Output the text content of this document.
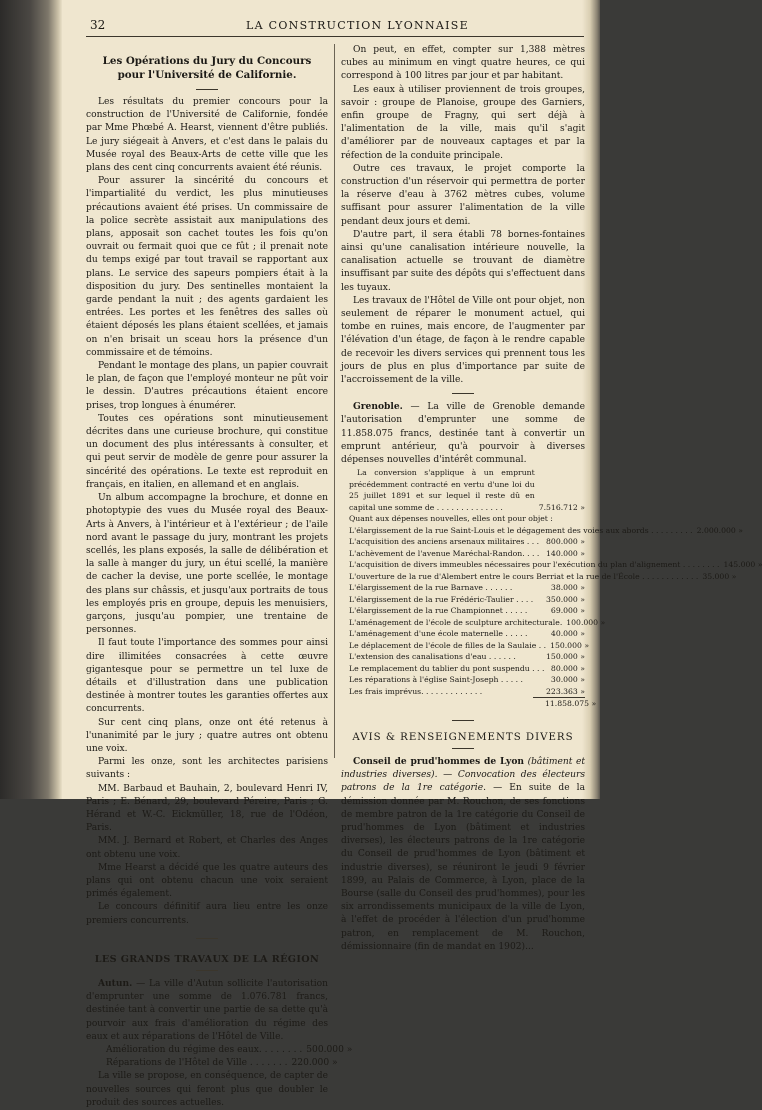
32	LA CONSTRUCTION LYONNAISE
Les Opérations du Jury du Concours
pour l'Université de Californie.

Les résultats du premier concours pour la construction de l'Université de Californie, fondée par Mme Phœbé A. Hearst, viennent d'être publiés. Le jury siégeait à Anvers, et c'est dans le palais du Musée royal des Beaux-Arts de cette ville que les plans des cent cinq concurrents avaient été réunis.

Pour assurer la sincérité du concours et l'impartialité du verdict, les plus minutieuses précautions avaient été prises. Un commissaire de la police secrète assistait aux manipulations des plans, apposait son cachet toutes les fois qu'on ouvrait ou fermait quoi que ce fût ; il prenait note du temps exigé par tout travail se rapportant aux plans. Le service des sapeurs pompiers était à la disposition du jury. Des sentinelles montaient la garde pendant la nuit ; des agents gardaient les entrées. Les portes et les fenêtres des salles où étaient déposés les plans étaient scellées, et jamais on n'en brisait un sceau hors la présence d'un commissaire et de témoins.

Pendant le montage des plans, un papier couvrait le plan, de façon que l'employé monteur ne pût voir le dessin. D'autres précautions étaient encore prises, trop longues à énumérer.

Toutes ces opérations sont minutieusement décrites dans une curieuse brochure, qui constitue un document des plus intéressants à consulter, et qui peut servir de modèle de genre pour assurer la sincérité des opérations. Le texte est reproduit en français, en italien, en allemand et en anglais.

Un album accompagne la brochure, et donne en photoptypie des vues du Musée royal des Beaux-Arts à Anvers, à l'intérieur et à l'extérieur ; de l'aile nord avant le passage du jury, montrant les projets scellés, les plans exposés, la salle de délibération et la salle à manger du jury, un étui scellé, la manière de cacher la devise, une porte scellée, le montage des plans sur châssis, et jusqu'aux portraits de tous les employés pris en groupe, depuis les menuisiers, garçons, jusqu'au pompier, une trentaine de personnes.

Il faut toute l'importance des sommes pour ainsi dire illimitées consacrées à cette œuvre gigantesque pour se permettre un tel luxe de détails et d'illustration dans une publication destinée à montrer toutes les garanties offertes aux concurrents.

Sur cent cinq plans, onze ont été retenus à l'unanimité par le jury ; quatre autres ont obtenu une voix.

Parmi les onze, sont les architectes parisiens suivants :

MM. Barbaud et Bauhain, 2, boulevard Henri IV, Paris ; E. Bénard, 29, boulevard Péreire, Paris ; G. Hérand et W.-C. Eickmüller, 18, rue de l'Odéon, Paris.

MM. J. Bernard et Robert, et Charles des Anges ont obtenu une voix.

Mme Hearst a décidé que les quatre auteurs des plans qui ont obtenu chacun une voix seraient primés également.

Le concours définitif aura lieu entre les onze premiers concurrents.

LES GRANDS TRAVAUX DE LA RÉGION

Autun. — La ville d'Autun sollicite l'autorisation d'emprunter une somme de 1.076.781 francs, destinée tant à convertir une partie de sa dette qu'à pourvoir aux frais d'amélioration du régime des eaux et aux réparations de l'Hôtel de Ville.

Amélioration du régime des eaux. . . . . . . . 500.000 »
Réparations de l'Hôtel de Ville . . . . . . . 220.000 »

La ville se propose, en conséquence, de capter de nouvelles sources qui feront plus que doubler le produit des sources actuelles.

On peut, en effet, compter sur 1,388 mètres cubes au minimum en vingt quatre heures, ce qui correspond à 100 litres par jour et par habitant.

Les eaux à utiliser proviennent de trois groupes, savoir : groupe de Planoise, groupe des Garniers, enfin groupe de Fragny, qui sert déjà à l'alimentation de la ville, mais qu'il s'agit d'améliorer par de nouveaux captages et par la réfection de la conduite principale.

Outre ces travaux, le projet comporte la construction d'un réservoir qui permettra de porter la réserve d'eau à 3762 mètres cubes, volume suffisant pour assurer l'alimentation de la ville pendant deux jours et demi.

D'autre part, il sera établi 78 bornes-fontaines ainsi qu'une canalisation intérieure nouvelle, la canalisation actuelle se trouvant de diamètre insuffisant par suite des dépôts qui s'effectuent dans les tuyaux.

Les travaux de l'Hôtel de Ville ont pour objet, non seulement de réparer le monument actuel, qui tombe en ruines, mais encore, de l'augmenter par l'élévation d'un étage, de façon à le rendre capable de recevoir les divers services qui prennent tous les jours de plus en plus d'importance par suite de l'accroissement de la ville.

Grenoble. — La ville de Grenoble demande l'autorisation d'emprunter une somme de 11.858.075 francs, destinée tant à convertir un emprunt antérieur, qu'à pourvoir à diverses dépenses nouvelles d'intérêt communal.

La conversion s'applique à un emprunt précédemment contracté en vertu d'une loi du 25 juillet 1891 et sur lequel il reste dû en capital une somme de . . . . . . . . . . . . . .	7.516.712 »
Quant aux dépenses nouvelles, elles ont pour objet :
L'élargissement de la rue Saint-Louis et le dégagement des voies aux abords . . . . . . . . . 2.000.000 »
L'acquisition des anciens arsenaux militaires . . . 800.000 »
L'achèvement de l'avenue Maréchal-Randon. . . . 140.000 »
L'acquisition de divers immeubles nécessaires pour l'exécution du plan d'alignement . . . . . . . . 145.000 »
L'ouverture de la rue d'Alembert entre le cours Berriat et la rue de l'École . . . . . . . . . . . . 35.000 »
L'élargissement de la rue Barnave . . . . . .	38.000 »
L'élargissement de la rue Frédéric-Taulier . . . .	350.000 »
L'élargissement de la rue Championnet . . . . .	69.000 »
L'aménagement de l'école de sculpture architecturale. 100.000 »
L'aménagement d'une école maternelle . . . . .	40.000 »
Le déplacement de l'école de filles de la Saulaie . . 150.000 »
L'extension des canalisations d'eau . . . . . .	150.000 »
Le remplacement du tablier du pont suspendu . . . 80.000 »
Les réparations à l'église Saint-Joseph . . . . .	30.000 »
Les frais imprévus. . . . . . . . . . . . .	223.363 »
11.858.075 »
AVIS & RENSEIGNEMENTS DIVERS

Conseil de prud'hommes de Lyon (bâtiment et industries diverses). — Convocation des électeurs patrons de la 1re catégorie. — En suite de la démission donnée par M. Rouchon, de ses fonctions de membre patron de la 1re catégorie du Conseil de prud'hommes de Lyon (bâtiment et industries diverses), les électeurs patrons de la 1re catégorie du Conseil de prud'hommes de Lyon (bâtiment et industrie diverses), se réuniront le jeudi 9 février 1899, au Palais de Commerce, à Lyon, place de la Bourse (salle du Conseil des prud'hommes), pour les six arrondissements municipaux de la ville de Lyon, à l'effet de procéder à l'élection d'un prud'homme patron, en remplacement de M. Rouchon, démissionnaire (fin de mandat en 1902)...
